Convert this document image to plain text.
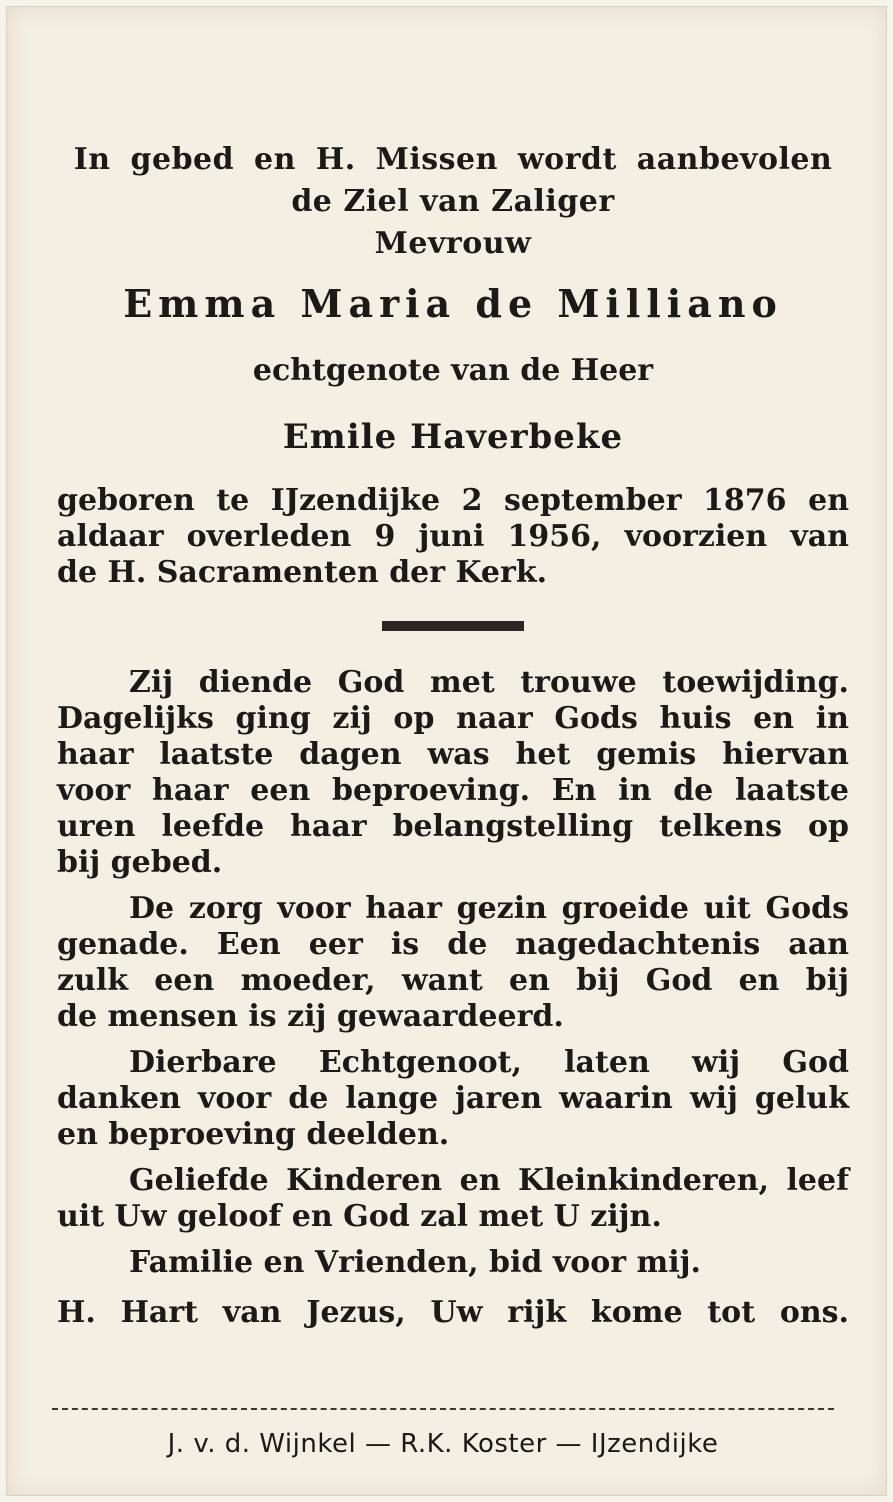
In gebed en H. Missen wordt aanbevolen
de Ziel van Zaliger
Mevrouw
Emma Maria de Milliano
echtgenote van de Heer
Emile Haverbeke
geboren te IJzendijke 2 september 1876 en
aldaar overleden 9 juni 1956, voorzien van
de H. Sacramenten der Kerk.
Zij diende God met trouwe toewijding.
Dagelijks ging zij op naar Gods huis en in
haar laatste dagen was het gemis hiervan
voor haar een beproeving. En in de laatste
uren leefde haar belangstelling telkens op
bij gebed.
De zorg voor haar gezin groeide uit Gods
genade. Een eer is de nagedachtenis aan
zulk een moeder, want en bij God en bij
de mensen is zij gewaardeerd.
Dierbare Echtgenoot, laten wij God
danken voor de lange jaren waarin wij geluk
en beproeving deelden.
Geliefde Kinderen en Kleinkinderen, leef
uit Uw geloof en God zal met U zijn.
Familie en Vrienden, bid voor mij.
H. Hart van Jezus, Uw rijk kome tot ons.
J. v. d. Wijnkel — R.K. Koster — IJzendijke
